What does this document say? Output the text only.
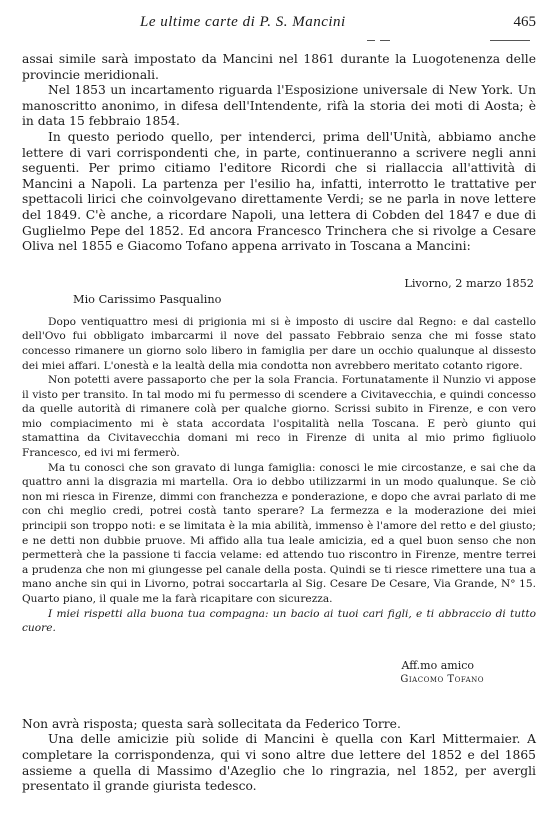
Le ultime carte di P. S. Mancini	465

assai simile sarà impostato da Mancini nel 1861 durante la Luogotenenza delle provincie meridionali.

Nel 1853 un incartamento riguarda l'Esposizione universale di New York. Un manoscritto anonimo, in difesa dell'Intendente, rifà la storia dei moti di Aosta; è in data 15 febbraio 1854.

In questo periodo quello, per intenderci, prima dell'Unità, abbiamo anche lettere di vari corrispondenti che, in parte, continueranno a scrivere negli anni seguenti. Per primo citiamo l'editore Ricordi che si riallaccia all'attività di Mancini a Napoli. La partenza per l'esilio ha, infatti, interrotto le trattative per spettacoli lirici che coinvolgevano direttamente Verdi; se ne parla in nove lettere del 1849. C'è anche, a ricordare Napoli, una lettera di Cobden del 1847 e due di Guglielmo Pepe del 1852. Ed ancora Francesco Trinchera che si rivolge a Cesare Oliva nel 1855 e Giacomo Tofano appena arrivato in Toscana a Mancini:

Livorno, 2 marzo 1852
Mio Carissimo Pasqualino

Dopo ventiquattro mesi di prigionia mi si è imposto di uscire dal Regno: e dal castello dell'Ovo fui obbligato imbarcarmi il nove del passato Febbraio senza che mi fosse stato concesso rimanere un giorno solo libero in famiglia per dare un occhio qualunque al dissesto dei miei affari. L'onestà e la lealtà della mia condotta non avrebbero meritato cotanto rigore.

Non potetti avere passaporto che per la sola Francia. Fortunatamente il Nunzio vi appose il visto per transito. In tal modo mi fu permesso di scendere a Civitavecchia, e quindi concesso da quelle autorità di rimanere colà per qualche giorno. Scrissi subito in Firenze, e con vero mio compiacimento mi è stata accordata l'ospitalità nella Toscana. E però giunto qui stamattina da Civitavecchia domani mi reco in Firenze di unita al mio primo figliuolo Francesco, ed ivi mi fermerò.

Ma tu conosci che son gravato di lunga famiglia: conosci le mie circostanze, e sai che da quattro anni la disgrazia mi martella. Ora io debbo utilizzarmi in un modo qualunque. Se ciò non mi riesca in Firenze, dimmi con franchezza e ponderazione, e dopo che avrai parlato di me con chi meglio credi, potrei costà tanto sperare? La fermezza e la moderazione dei miei principii son troppo noti: e se limitata è la mia abilità, immenso è l'amore del retto e del giusto; e ne detti non dubbie pruove. Mi affido alla tua leale amicizia, ed a quel buon senso che non permetterà che la passione ti faccia velame: ed attendo tuo riscontro in Firenze, mentre terrei a prudenza che non mi giungesse pel canale della posta. Quindi se ti riesce rimettere una tua a mano anche sin qui in Livorno, potrai soccartarla al Sig. Cesare De Cesare, Via Grande, N° 15. Quarto piano, il quale me la farà ricapitare con sicurezza.

I miei rispetti alla buona tua compagna: un bacio ai tuoi cari figli, e ti abbraccio di tutto cuore.

Aff.mo amico
Giacomo Tofano

Non avrà risposta; questa sarà sollecitata da Federico Torre.

Una delle amicizie più solide di Mancini è quella con Karl Mittermaier. A completare la corrispondenza, qui vi sono altre due lettere del 1852 e del 1865 assieme a quella di Massimo d'Azeglio che lo ringrazia, nel 1852, per avergli presentato il grande giurista tedesco.
